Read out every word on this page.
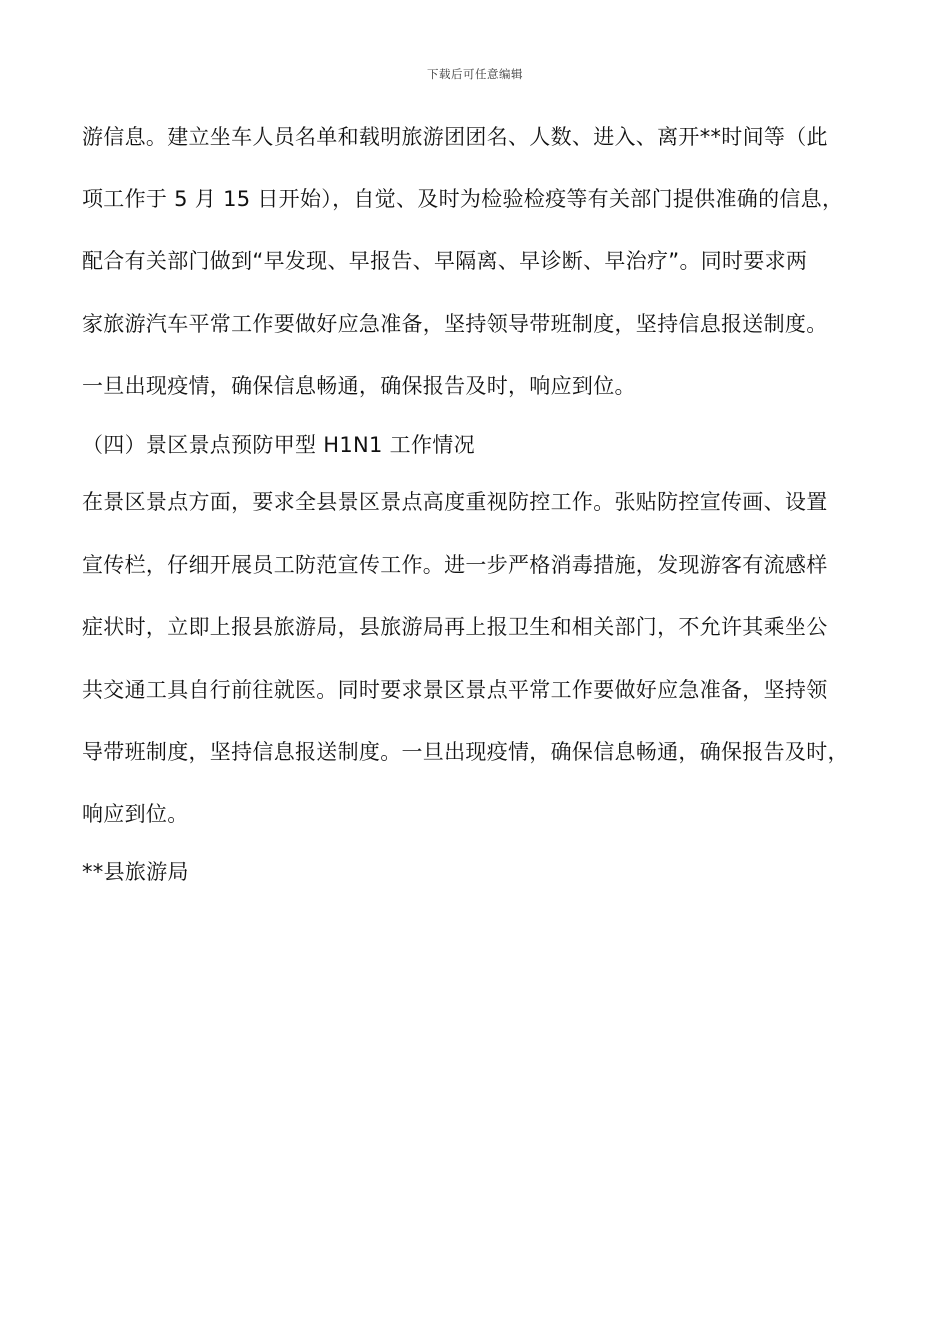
下载后可任意编辑
游信息。建立坐车人员名单和载明旅游团团名、人数、进入、离开**时间等（此
项工作于 5 月 15 日开始），自觉、及时为检验检疫等有关部门提供准确的信息，
配合有关部门做到“早发现、早报告、早隔离、早诊断、早治疗”。同时要求两
家旅游汽车平常工作要做好应急准备，坚持领导带班制度，坚持信息报送制度。
一旦出现疫情，确保信息畅通，确保报告及时，响应到位。
（四）景区景点预防甲型 H1N1 工作情况
在景区景点方面，要求全县景区景点高度重视防控工作。张贴防控宣传画、设置
宣传栏，仔细开展员工防范宣传工作。进一步严格消毒措施，发现游客有流感样
症状时，立即上报县旅游局，县旅游局再上报卫生和相关部门，不允许其乘坐公
共交通工具自行前往就医。同时要求景区景点平常工作要做好应急准备，坚持领
导带班制度，坚持信息报送制度。一旦出现疫情，确保信息畅通，确保报告及时，
响应到位。
**县旅游局
